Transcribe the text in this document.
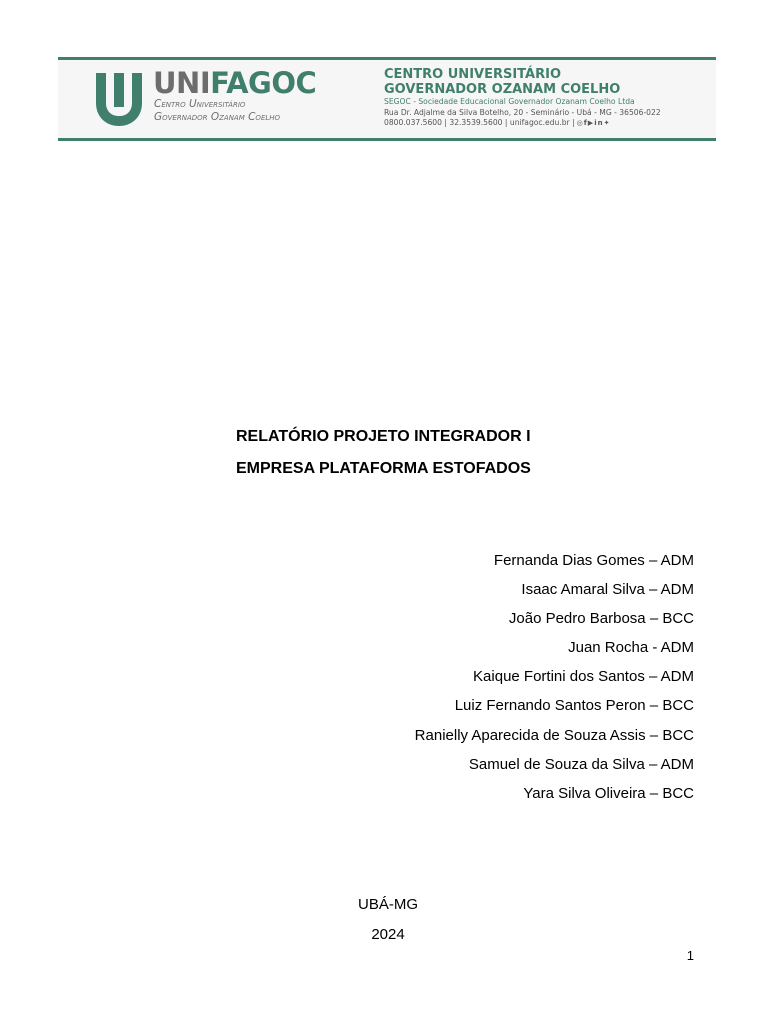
UNIFAGOC
Centro Universitário
Governador Ozanam Coelho
CENTRO UNIVERSITÁRIO
GOVERNADOR OZANAM COELHO
SEGOC - Sociedade Educacional Governador Ozanam Coelho Ltda
Rua Dr. Adjalme da Silva Botelho, 20 - Seminário - Ubá - MG - 36506-022
0800.037.5600 | 32.3539.5600 | unifagoc.edu.br | ◎f▶in✦
RELATÓRIO PROJETO INTEGRADOR I
EMPRESA PLATAFORMA ESTOFADOS
Fernanda Dias Gomes – ADM
Isaac Amaral Silva – ADM
João Pedro Barbosa – BCC
Juan Rocha - ADM
Kaique Fortini dos Santos – ADM
Luiz Fernando Santos Peron – BCC
Ranielly Aparecida de Souza Assis – BCC
Samuel de Souza da Silva – ADM
Yara Silva Oliveira – BCC
UBÁ-MG
2024
1
